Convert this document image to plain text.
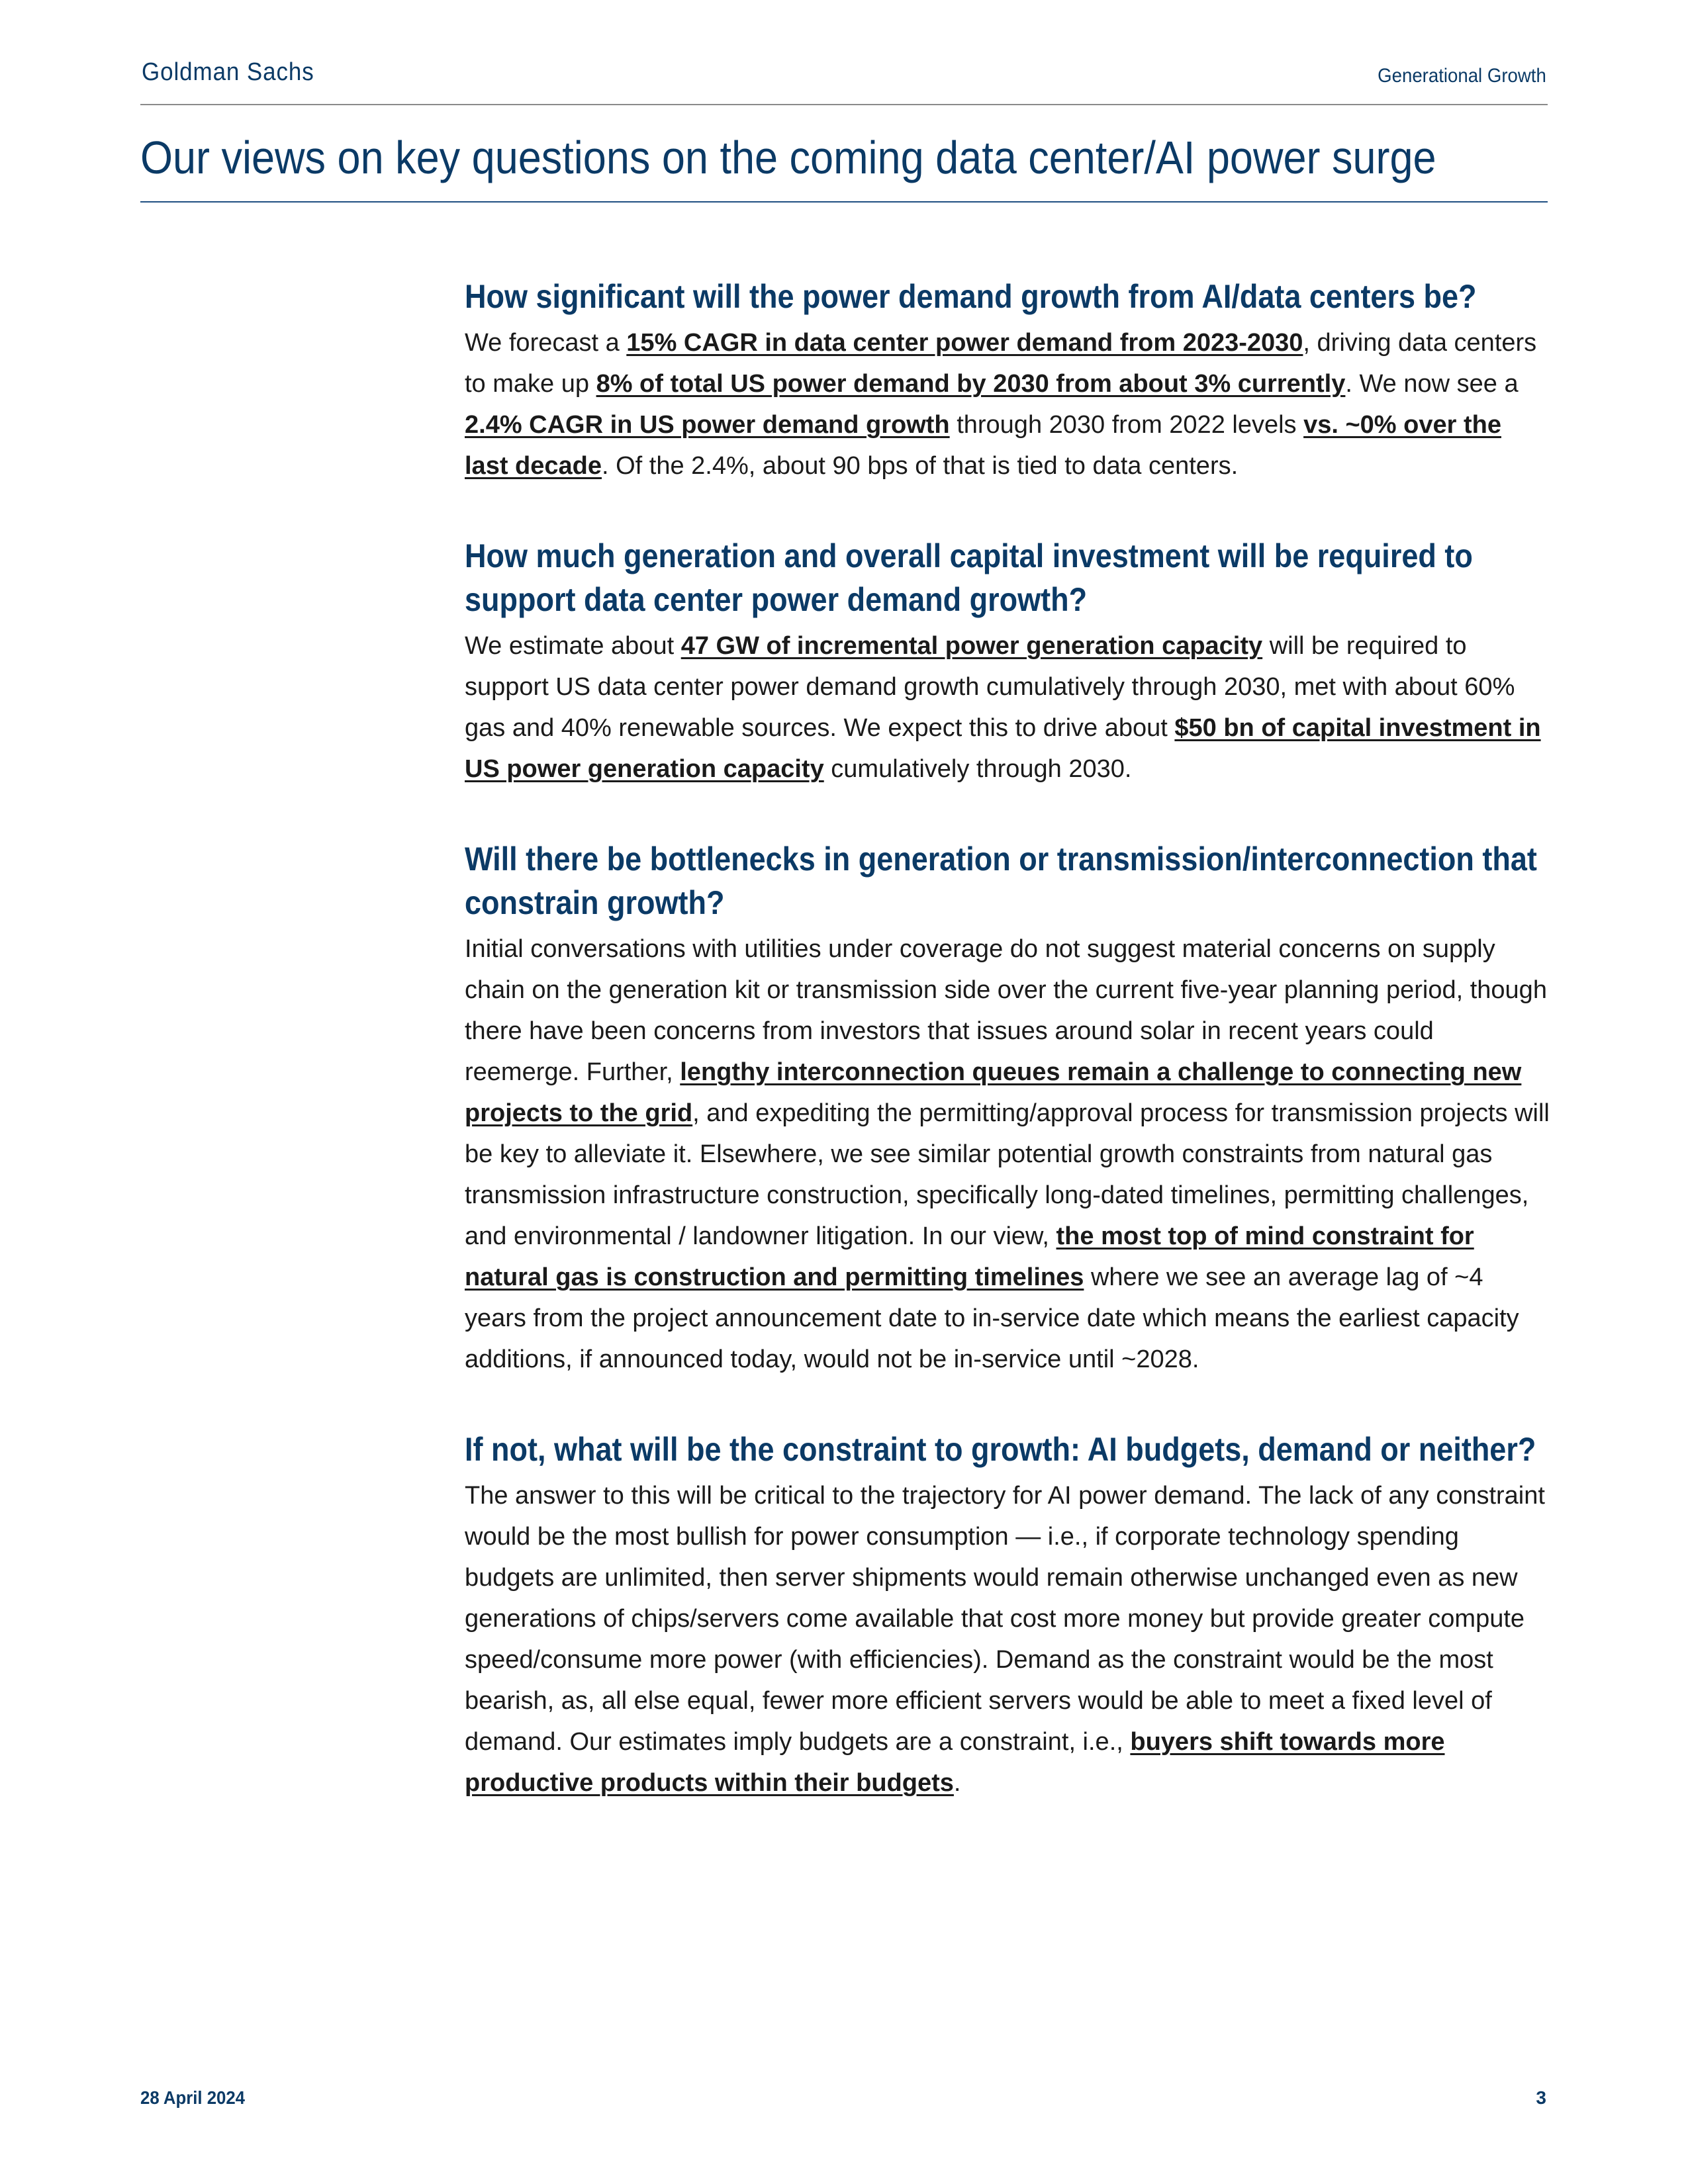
Goldman Sachs	Generational Growth
Our views on key questions on the coming data center/AI power surge
How significant will the power demand growth from AI/data centers be?

We forecast a 15% CAGR in data center power demand from 2023-2030, driving data centers to make up 8% of total US power demand by 2030 from about 3% currently. We now see a 2.4% CAGR in US power demand growth through 2030 from 2022 levels vs. ~0% over the last decade. Of the 2.4%, about 90 bps of that is tied to data centers.

How much generation and overall capital investment will be required to support data center power demand growth?

We estimate about 47 GW of incremental power generation capacity will be required to support US data center power demand growth cumulatively through 2030, met with about 60% gas and 40% renewable sources. We expect this to drive about $50 bn of capital investment in US power generation capacity cumulatively through 2030.

Will there be bottlenecks in generation or transmission/interconnection that constrain growth?

Initial conversations with utilities under coverage do not suggest material concerns on supply chain on the generation kit or transmission side over the current five-year planning period, though there have been concerns from investors that issues around solar in recent years could reemerge. Further, lengthy interconnection queues remain a challenge to connecting new projects to the grid, and expediting the permitting/approval process for transmission projects will be key to alleviate it. Elsewhere, we see similar potential growth constraints from natural gas transmission infrastructure construction, specifically long-dated timelines, permitting challenges, and environmental / landowner litigation. In our view, the most top of mind constraint for natural gas is construction and permitting timelines where we see an average lag of ~4 years from the project announcement date to in-service date which means the earliest capacity additions, if announced today, would not be in-service until ~2028.

If not, what will be the constraint to growth: AI budgets, demand or neither?

The answer to this will be critical to the trajectory for AI power demand. The lack of any constraint would be the most bullish for power consumption — i.e., if corporate technology spending budgets are unlimited, then server shipments would remain otherwise unchanged even as new generations of chips/servers come available that cost more money but provide greater compute speed/consume more power (with efficiencies). Demand as the constraint would be the most bearish, as, all else equal, fewer more efficient servers would be able to meet a fixed level of demand. Our estimates imply budgets are a constraint, i.e., buyers shift towards more productive products within their budgets.

28 April 2024	3
